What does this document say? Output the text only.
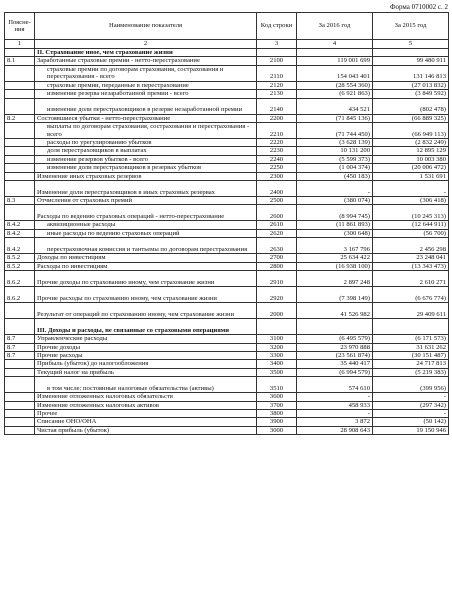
Форма 0710002 с. 2
Поясне-ния	Наименование показателя	Код строки	За 2016 год	За 2015 год
1	2	3	4	5
	II. Страхование иное, чем страхование жизни			
8.1	Заработанные страховые премии - нетто-перестрахование	2100	119 001 699	99 480 911
	страховые премии по договорам страхования, сострахования и перестрахования - всего	2110	154 043 401	131 146 813
	страховые премии, переданные в перестрахование	2120	(28 554 360)	(27 013 832)
	изменение резерва незаработанной премии - всего	2130	(6 921 863)	(3 849 592)
	изменение доли перестраховщиков в резерве незаработанной премии	2140	434 521	(802 478)
8.2	Состоявшиеся убытки - нетто-перестрахование	2200	(71 845 136)	(66 889 325)
	выплаты по договорам страхования, сострахования и перестрахования - всего	2210	(71 744 450)	(66 949 113)
	расходы по урегулированию убытков	2220	(3 628 139)	(2 832 249)
	доля перестраховщиков в выплатах	2230	10 131 200	12 895 129
	изменение резервов убытков - всего	2240	(5 599 373)	10 003 380
	изменение доли перестраховщиков в резервах убытков	2250	(1 004 374)	(20 006 472)
	Изменение иных страховых резервов	2300	(450 183)	1 531 691
	Изменение доли перестраховщиков в иных страховых резервах	2400	-	-
8.3	Отчисления от страховых премий	2500	(380 074)	(306 418)
	Расходы по ведению страховых операций - нетто-перестрахование	2600	(8 994 745)	(10 245 313)
8.4.2	аквизиционные расходы	2610	(11 861 893)	(12 644 911)
8.4.2	иные расходы по ведению страховых операций	2620	(300 648)	(56 700)
8.4.2	перестраховочная комиссия и тантьемы по договорам перестрахования	2630	3 167 796	2 456 298
8.5.2	Доходы по инвестициям	2700	25 634 422	23 248 041
8.5.2	Расходы по инвестициям	2800	(16 938 100)	(13 343 473)
8.6.2	Прочие доходы по страхованию иному, чем страхование жизни	2910	2 897 248	2 610 271
8.6.2	Прочие расходы по страхованию иному, чем страхование жизни	2920	(7 398 149)	(6 676 774)
	Результат от операций по страхованию иному, чем страхование жизни	2000	41 526 982	29 409 611
	III. Доходы и расходы, не связанные со страховыми операциями			
8.7	Управленческие расходы	3100	(6 495 579)	(6 171 573)
8.7	Прочие доходы	3200	23 970 888	31 631 262
8.7	Прочие расходы	3300	(23 561 874)	(30 151 487)
	Прибыль (убыток) до налогообложения	3400	35 440 417	24 717 813
	Текущий налог на прибыль	3500	(6 994 579)	(5 219 383)
	в том числе: постоянные налоговые обязательства (активы)	3510	574 610	(399 956)
	Изменение отложенных налоговых обязательств	3600	-	-
	Изменение отложенных налоговых активов	3700	458 933	(297 342)
	Прочее	3800	-	-
	Списание ОНО/ОНА	3900	3 872	(50 142)
	Чистая прибыль (убыток)	3000	28 908 643	19 150 946
